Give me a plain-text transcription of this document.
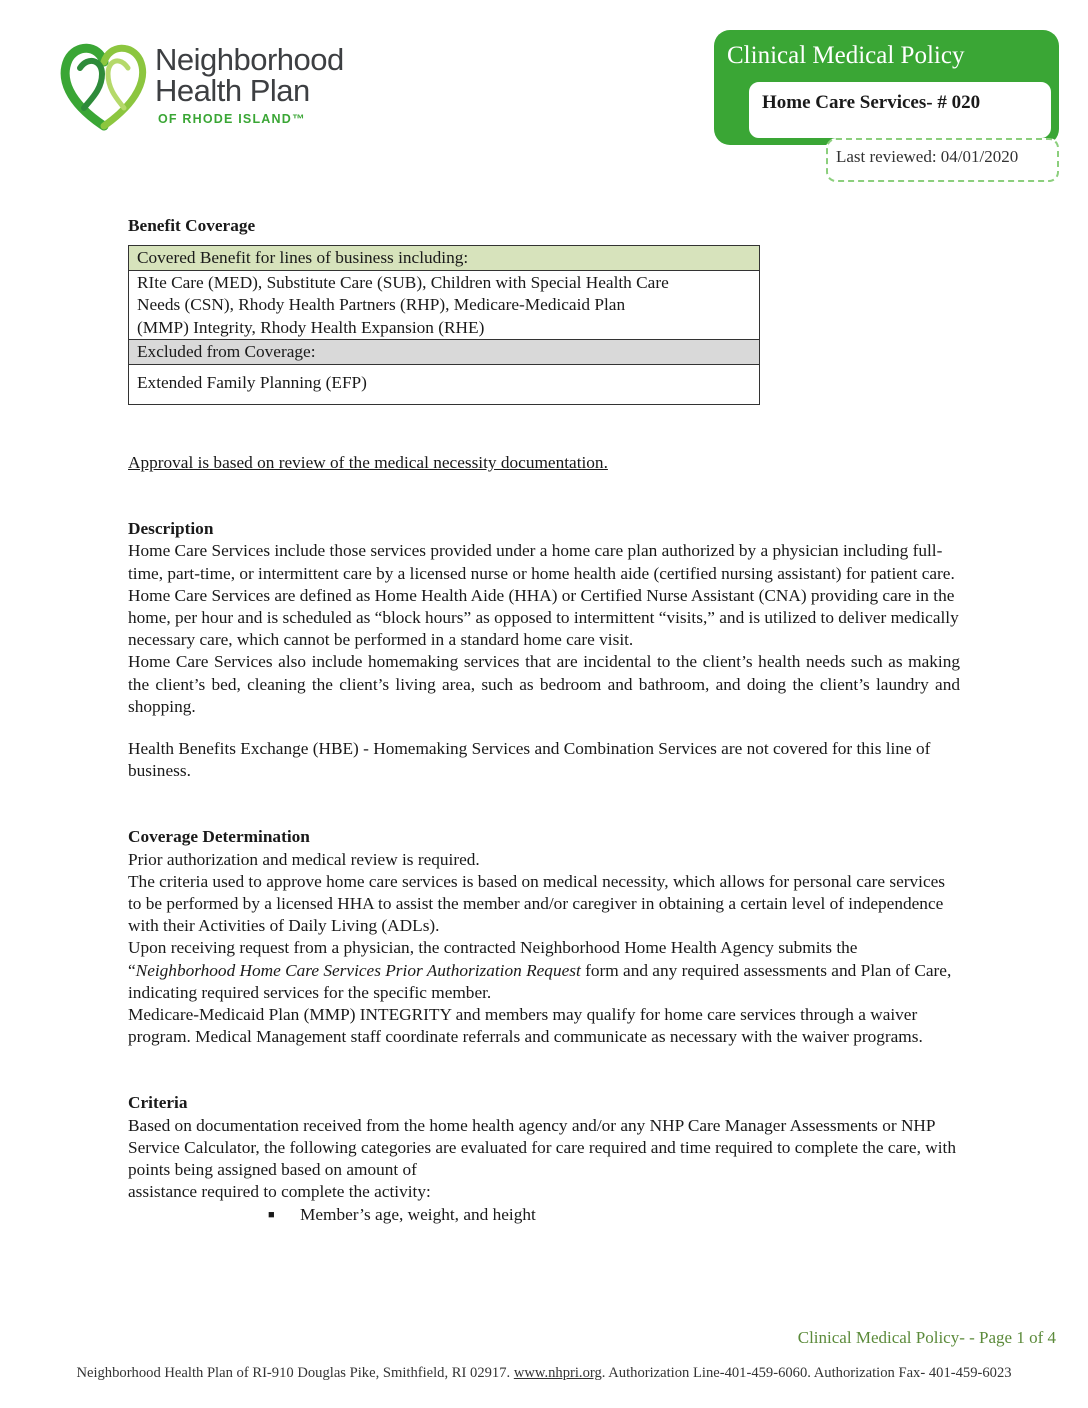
Neighborhood
Health Plan
OF RHODE ISLAND™
Clinical Medical Policy
Home Care Services- # 020
Last reviewed: 04/01/2020

Benefit Coverage

Covered Benefit for lines of business including:
RIte Care (MED), Substitute Care (SUB), Children with Special Health Care
Needs (CSN), Rhody Health Partners (RHP), Medicare-Medicaid Plan
(MMP) Integrity, Rhody Health Expansion (RHE)
Excluded from Coverage:
Extended Family Planning (EFP)

Approval is based on review of the medical necessity documentation.

Description

Home Care Services include those services provided under a home care plan authorized by a physician including full-time, part-time, or intermittent care by a licensed nurse or home health aide (certified nursing assistant) for patient care. Home Care Services are defined as Home Health Aide (HHA) or Certified Nurse Assistant (CNA) providing care in the home, per hour and is scheduled as “block hours” as opposed to intermittent “visits,” and is utilized to deliver medically necessary care, which cannot be performed in a standard home care visit.

Home Care Services also include homemaking services that are incidental to the client’s health needs such as making the client’s bed, cleaning the client’s living area, such as bedroom and bathroom, and doing the client’s laundry and shopping.

Health Benefits Exchange (HBE) - Homemaking Services and Combination Services are not covered for this line of business.

Coverage Determination

Prior authorization and medical review is required.

The criteria used to approve home care services is based on medical necessity, which allows for personal care services to be performed by a licensed HHA to assist the member and/or caregiver in obtaining a certain level of independence with their Activities of Daily Living (ADLs).

Upon receiving request from a physician, the contracted Neighborhood Home Health Agency submits the “Neighborhood Home Care Services Prior Authorization Request form and any required assessments and Plan of Care, indicating required services for the specific member.

Medicare-Medicaid Plan (MMP) INTEGRITY and members may qualify for home care services through a waiver program. Medical Management staff coordinate referrals and communicate as necessary with the waiver programs.

Criteria

Based on documentation received from the home health agency and/or any NHP Care Manager Assessments or NHP Service Calculator, the following categories are evaluated for care required and time required to complete the care, with points being assigned based on amount of

assistance required to complete the activity:

■ Member’s age, weight, and height

Clinical Medical Policy- - Page 1 of 4
Neighborhood Health Plan of RI-910 Douglas Pike, Smithfield, RI 02917. www.nhpri.org. Authorization Line-401-459-6060. Authorization Fax- 401-459-6023
